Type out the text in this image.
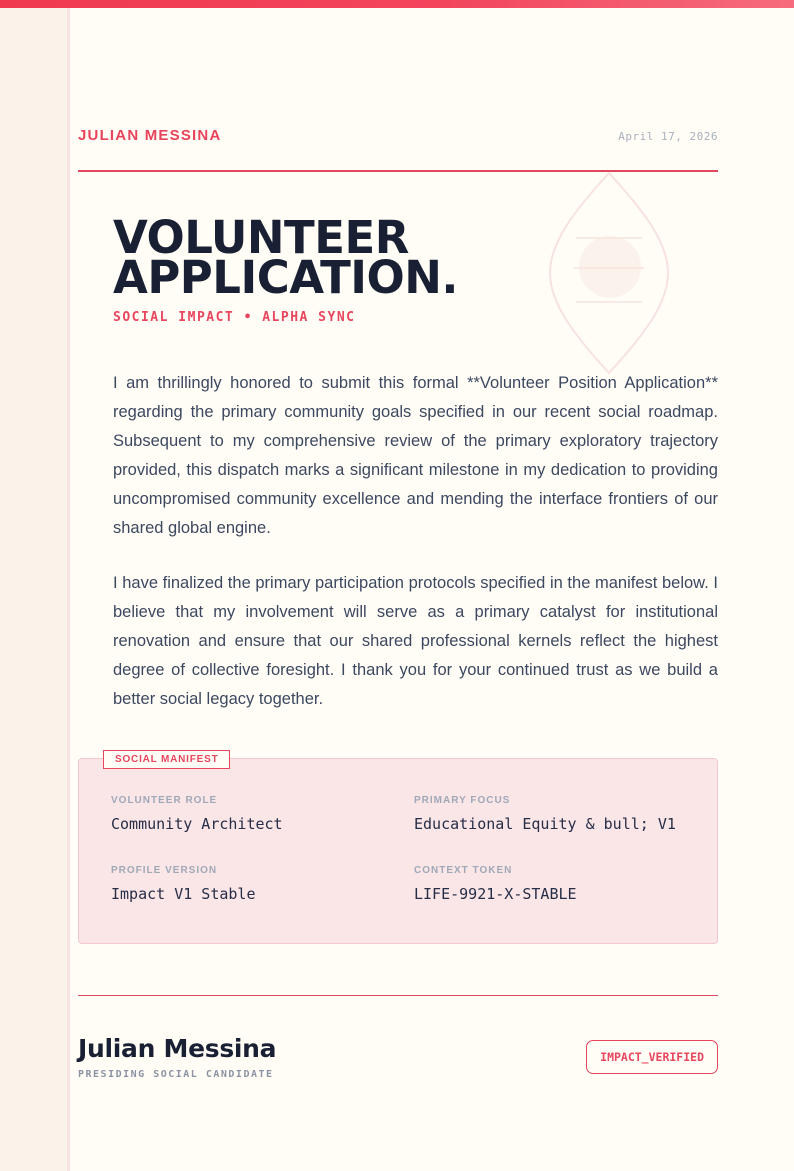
JULIAN MESSINA	April 17, 2026
VOLUNTEER
APPLICATION.
SOCIAL IMPACT • ALPHA SYNC

I am thrillingly honored to submit this formal **Volunteer Position Application** regarding the primary community goals specified in our recent social roadmap. Subsequent to my comprehensive review of the primary exploratory trajectory provided, this dispatch marks a significant milestone in my dedication to providing uncompromised community excellence and mending the interface frontiers of our shared global engine.

I have finalized the primary participation protocols specified in the manifest below. I believe that my involvement will serve as a primary catalyst for institutional renovation and ensure that our shared professional kernels reflect the highest degree of collective foresight. I thank you for your continued trust as we build a better social legacy together.

SOCIAL MANIFEST
VOLUNTEER ROLE
Community Architect
PRIMARY FOCUS
Educational Equity & bull; V1
PROFILE VERSION
Impact V1 Stable
CONTEXT TOKEN
LIFE-9921-X-STABLE
Julian Messina
PRESIDING SOCIAL CANDIDATE
IMPACT_VERIFIED
